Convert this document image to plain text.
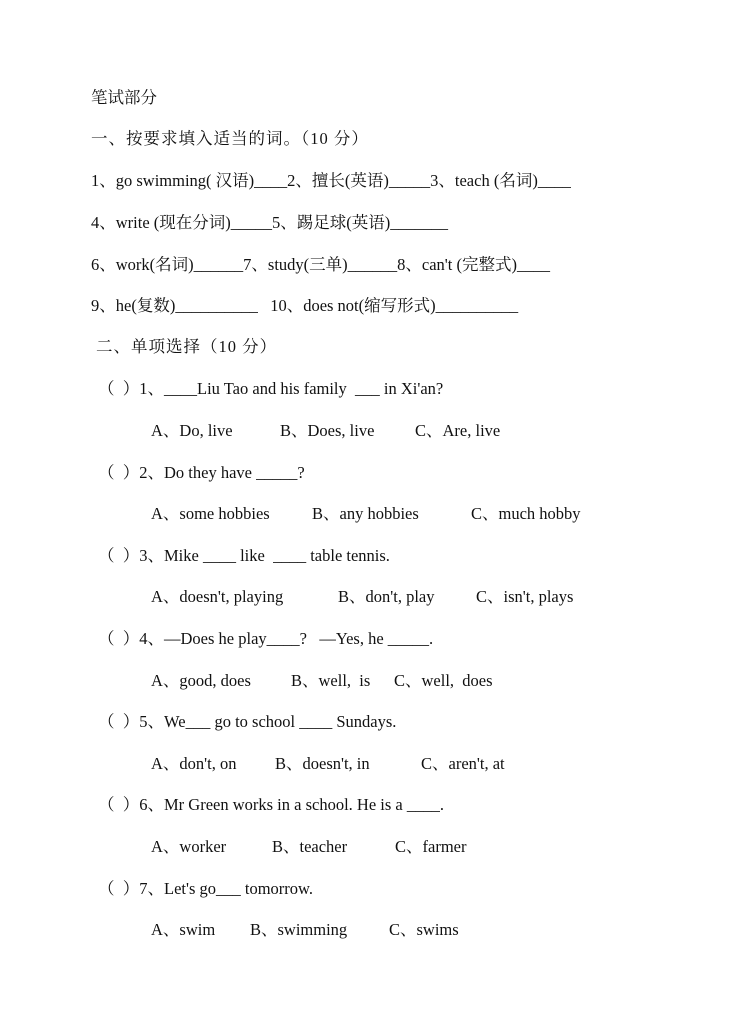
笔试部分
一、按要求填入适当的词。（10 分）
1、go swimming( 汉语)____2、擅长(英语)_____3、teach (名词)____
4、write (现在分词)_____5、踢足球(英语)_______
6、work(名词)______7、study(三单)______8、can't (完整式)____
9、he(复数)__________   10、does not(缩写形式)__________
二、单项选择（10 分）
（  ）1、____Liu Tao and his family  ___ in Xi'an?
A、Do, live	B、Does, live C、Are, live
（  ）2、Do they have _____?
A、some hobbies	B、any hobbies	C、much hobby
（  ）3、Mike ____ like  ____ table tennis.
A、doesn't, playing	B、don't, play	C、isn't, plays
（  ）4、—Does he play____?   —Yes, he _____.
A、good, does B、well,  is C、well,  does
（  ）5、We___ go to school ____ Sundays.
A、don't, on B、doesn't, in	C、aren't, at
（  ）6、Mr Green works in a school. He is a ____.
A、worker	B、teacher	C、farmer
（  ）7、Let's go___ tomorrow.
A、swim B、swimming	C、swims
